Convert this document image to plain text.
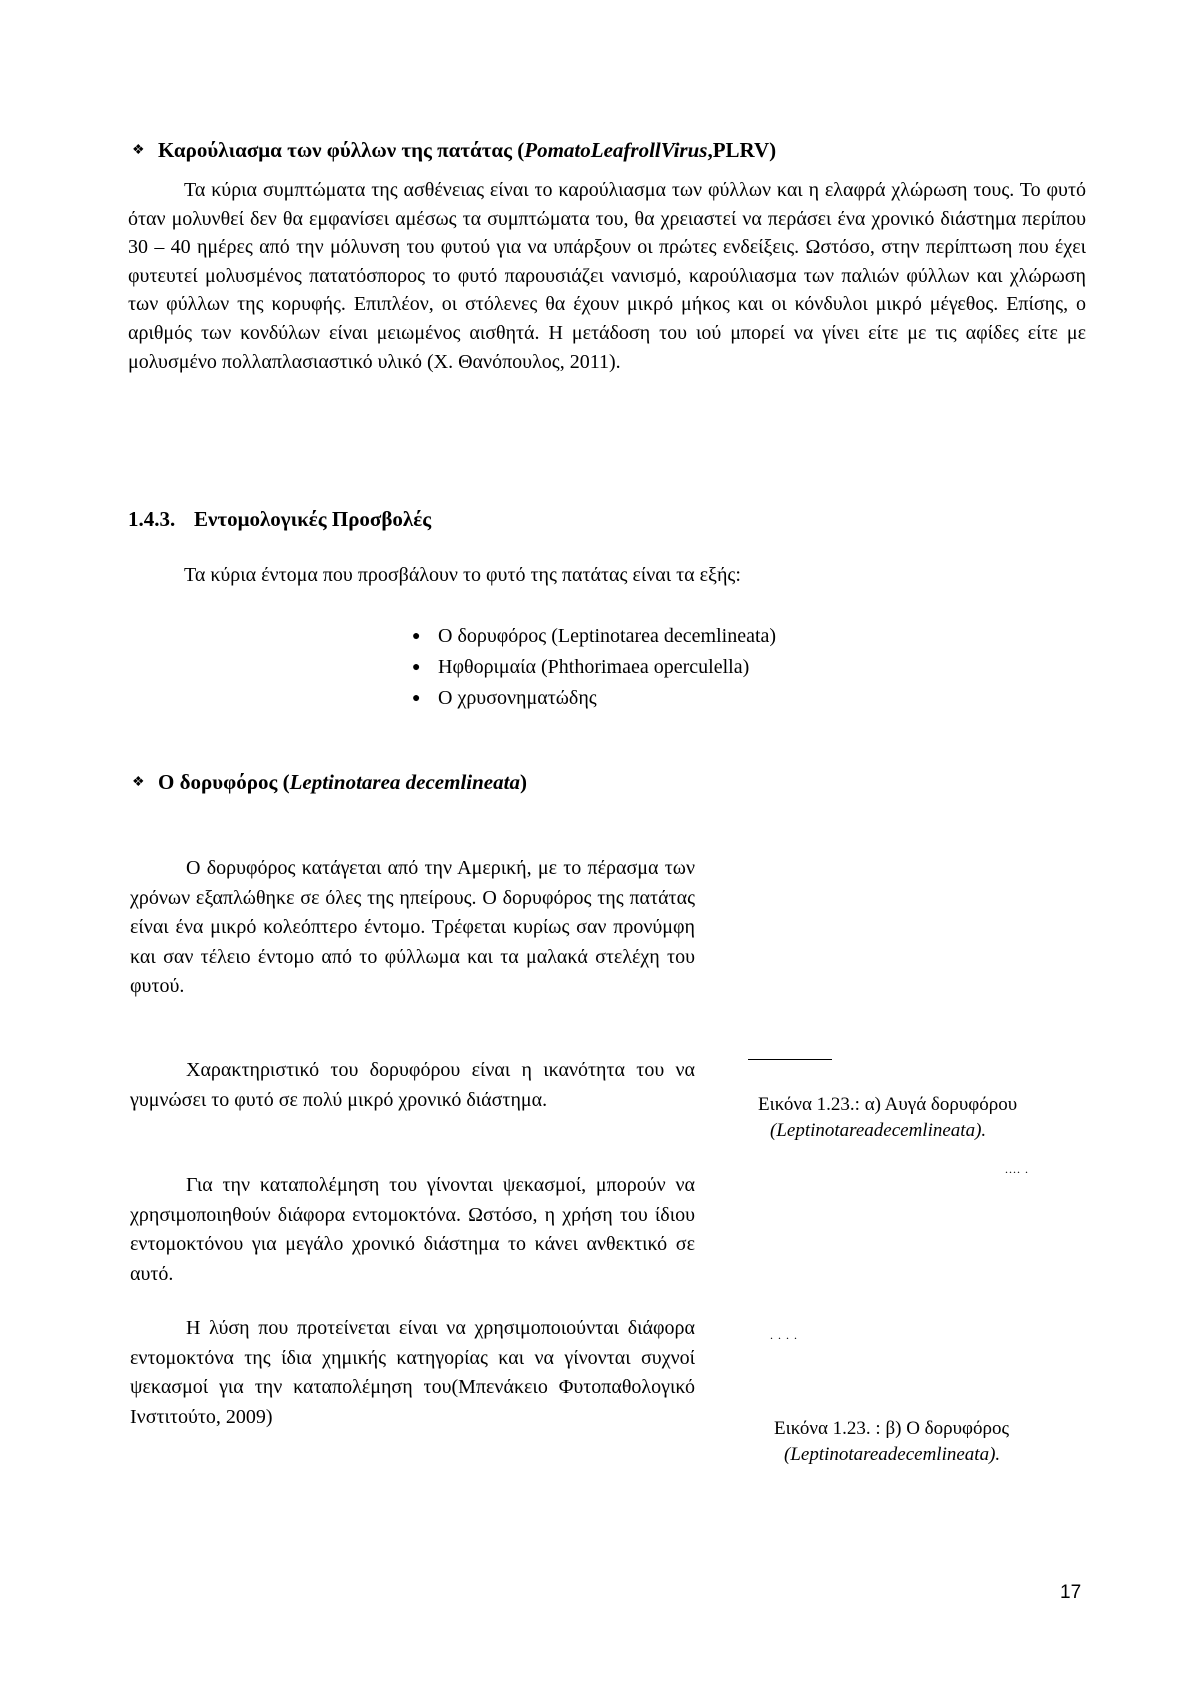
❖ Καρούλιασμα των φύλλων της πατάτας (PomatoLeafrollVirus,PLRV)
Τα κύρια συμπτώματα της ασθένειας είναι το καρούλιασμα των φύλλων και η ελαφρά χλώρωση τους. Το φυτό όταν μολυνθεί δεν θα εμφανίσει αμέσως τα συμπτώματα του, θα χρειαστεί να περάσει ένα χρονικό διάστημα περίπου 30 – 40 ημέρες από την μόλυνση του φυτού για να υπάρξουν οι πρώτες ενδείξεις. Ωστόσο, στην περίπτωση που έχει φυτευτεί μολυσμένος πατατόσπορος το φυτό παρουσιάζει νανισμό, καρούλιασμα των παλιών φύλλων και χλώρωση των φύλλων της κορυφής. Επιπλέον, οι στόλενες θα έχουν μικρό μήκος και οι κόνδυλοι μικρό μέγεθος. Επίσης, ο αριθμός των κονδύλων είναι μειωμένος αισθητά. Η μετάδοση του ιού μπορεί να γίνει είτε με τις αφίδες είτε με μολυσμένο πολλαπλασιαστικό υλικό (Χ. Θανόπουλος, 2011).
1.4.3. Εντομολογικές Προσβολές
Τα κύρια έντομα που προσβάλουν το φυτό της πατάτας είναι τα εξής:
● Ο δορυφόρος (Leptinotarea decemlineata)
● Ηφθοριμαία (Phthorimaea operculella)
● Ο χρυσονηματώδης
❖ Ο δορυφόρος (Leptinotarea decemlineata)
Ο δορυφόρος κατάγεται από την Αμερική, με το πέρασμα των χρόνων εξαπλώθηκε σε όλες της ηπείρους. Ο δορυφόρος της πατάτας είναι ένα μικρό κολεόπτερο έντομο. Τρέφεται κυρίως σαν προνύμφη και σαν τέλειο έντομο από το φύλλωμα και τα μαλακά στελέχη του φυτού.
Χαρακτηριστικό του δορυφόρου είναι η ικανότητα του να γυμνώσει το φυτό σε πολύ μικρό χρονικό διάστημα.
Για την καταπολέμηση του γίνονται ψεκασμοί, μπορούν να χρησιμοποιηθούν διάφορα εντομοκτόνα. Ωστόσο, η χρήση του ίδιου εντομοκτόνου για μεγάλο χρονικό διάστημα το κάνει ανθεκτικό σε αυτό.
Η λύση που προτείνεται είναι να χρησιμοποιούνται διάφορα εντομοκτόνα της ίδια χημικής κατηγορίας και να γίνονται συχνοί ψεκασμοί για την καταπολέμηση του(Μπενάκειο Φυτοπαθολογικό Ινστιτούτο, 2009)
Εικόνα 1.23.: α) Αυγά δορυφόρου
(Leptinotareadecemlineata).
.... .
. . . .
Εικόνα 1.23. : β) Ο δορυφόρος
(Leptinotareadecemlineata).
17
